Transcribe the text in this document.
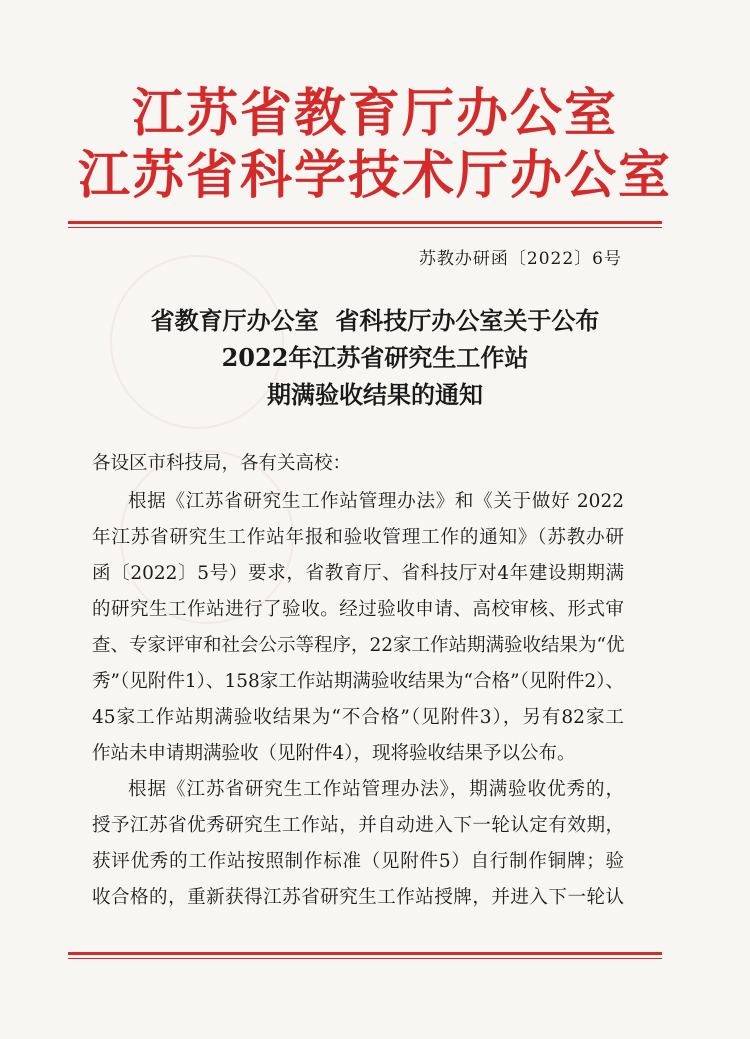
江苏省教育厅办公室
江苏省科学技术厅办公室
苏教办研函〔2022〕6号
省教育厅办公室  省科技厅办公室关于公布
2022年江苏省研究生工作站
期满验收结果的通知
各设区市科技局，各有关高校：
根据《江苏省研究生工作站管理办法》和《关于做好 2022
年江苏省研究生工作站年报和验收管理工作的通知》（苏教办研
函〔2022〕5号）要求，省教育厅、省科技厅对4年建设期期满
的研究生工作站进行了验收。经过验收申请、高校审核、形式审
查、专家评审和社会公示等程序，22家工作站期满验收结果为“优
秀”（见附件1）、158家工作站期满验收结果为“合格”（见附件2）、
45家工作站期满验收结果为“不合格”（见附件3），另有82家工
作站未申请期满验收（见附件4），现将验收结果予以公布。
根据《江苏省研究生工作站管理办法》，期满验收优秀的，
授予江苏省优秀研究生工作站，并自动进入下一轮认定有效期，
获评优秀的工作站按照制作标准（见附件5）自行制作铜牌；验
收合格的，重新获得江苏省研究生工作站授牌，并进入下一轮认
